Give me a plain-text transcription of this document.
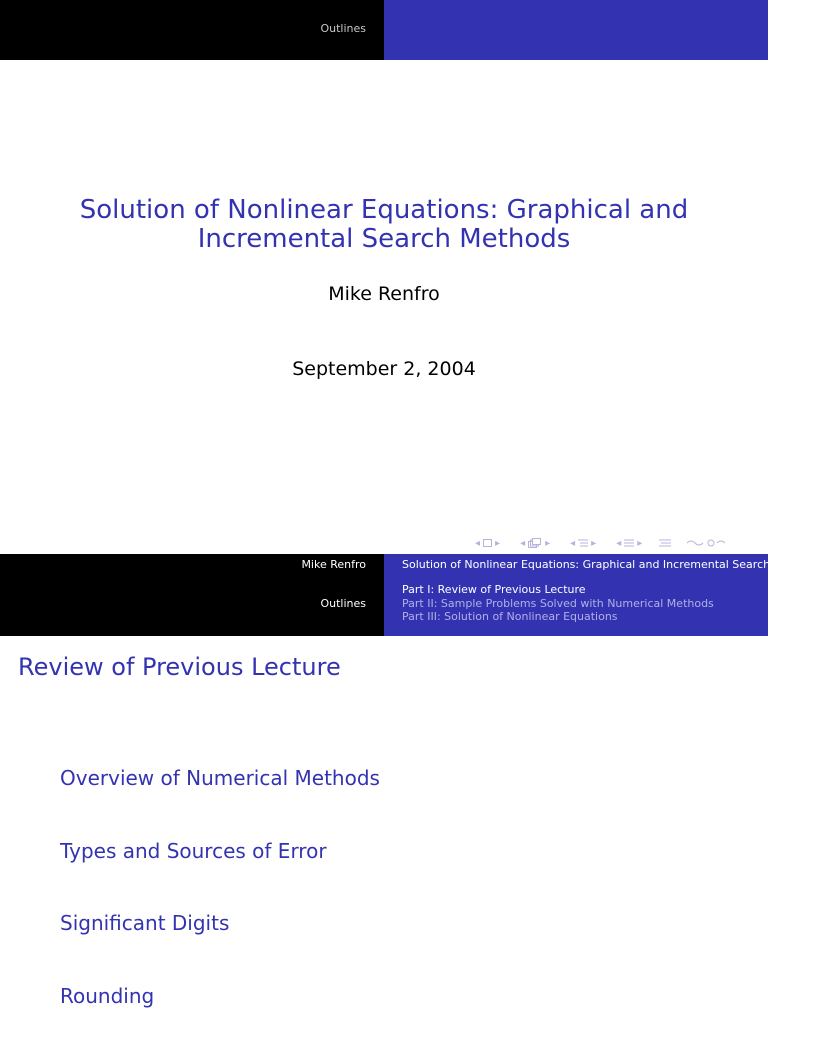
Outlines
Solution of Nonlinear Equations: Graphical and Incremental Search Methods
Mike Renfro
September 2, 2004
◂ ▸ ◂ ▸ ◂ ▸ ◂ ▸
Mike Renfro
Outlines
Solution of Nonlinear Equations: Graphical and Incremental Search Methods
Part I: Review of Previous Lecture
Part II: Sample Problems Solved with Numerical Methods
Part III: Solution of Nonlinear Equations
Review of Previous Lecture
Overview of Numerical Methods
Types and Sources of Error
Significant Digits
Rounding
